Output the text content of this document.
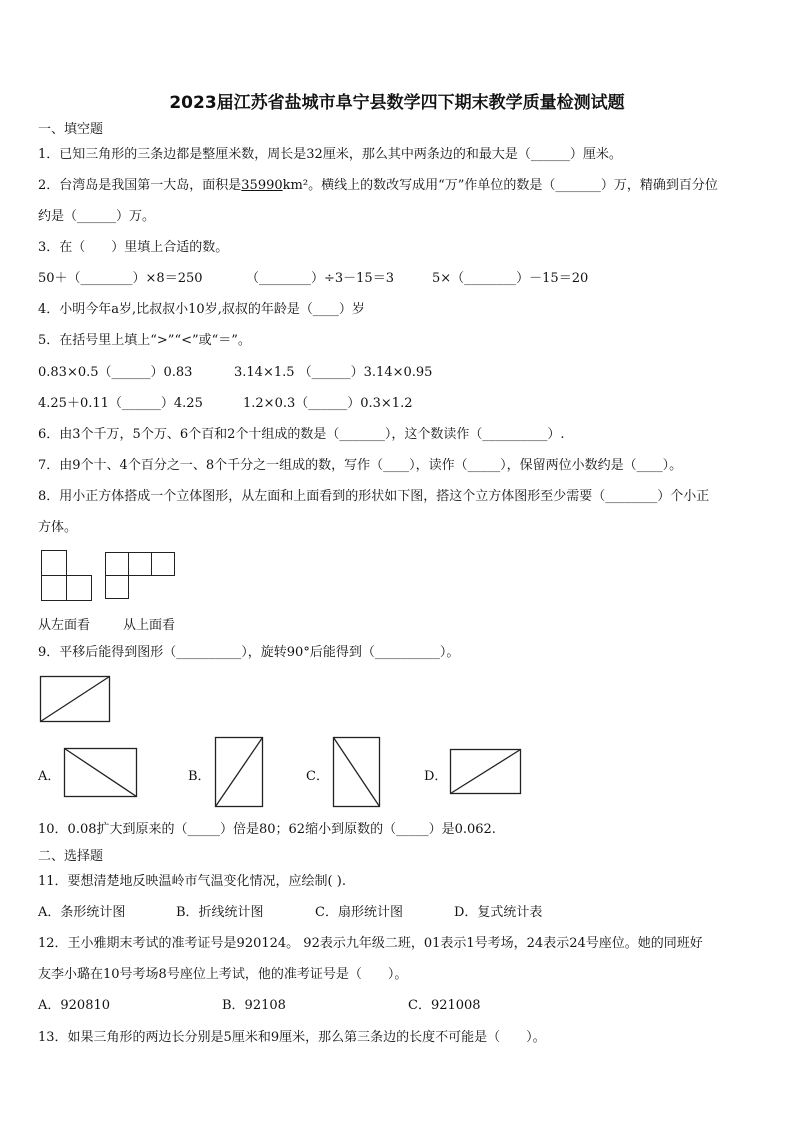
2023届江苏省盐城市阜宁县数学四下期末教学质量检测试题
一、填空题
1．已知三角形的三条边都是整厘米数，周长是32厘米，那么其中两条边的和最大是（______）厘米。
2．台湾岛是我国第一大岛，面积是35990km²。横线上的数改写成用“万”作单位的数是（_______）万，精确到百分位
约是（______）万。
3．在（　　）里填上合适的数。
50＋（________）×8＝250	（________）÷3－15＝3	5×（________）－15＝20
4．小明今年a岁,比叔叔小10岁,叔叔的年龄是（____）岁
5．在括号里上填上“>”“<”或“＝”。
0.83×0.5（______）0.83	3.14×1.5 （______）3.14×0.95
4.25＋0.11（______）4.25	1.2×0.3（______）0.3×1.2
6．由3个千万，5个万、6个百和2个十组成的数是（_______），这个数读作（__________）.
7．由9个十、4个百分之一、8个千分之一组成的数，写作（____），读作（_____），保留两位小数约是（____）。
8．用小正方体搭成一个立体图形，从左面和上面看到的形状如下图，搭这个立方体图形至少需要（________）个小正
方体。
从左面看	从上面看
9．平移后能得到图形（__________），旋转90°后能得到（__________）。
A．	B．	C．	D．
10．0.08扩大到原来的（_____）倍是80；62缩小到原数的（_____）是0.062.
二、选择题
11．要想清楚地反映温岭市气温变化情况，应绘制( ).
A．条形统计图	B．折线统计图	C．扇形统计图	D．复式统计表
12．王小雅期末考试的准考证号是920124。 92表示九年级二班，01表示1号考场，24表示24号座位。她的同班好
友李小璐在10号考场8号座位上考试，他的准考证号是（　　）。
A．920810	B．92108	C．921008
13．如果三角形的两边长分别是5厘米和9厘米，那么第三条边的长度不可能是（　　）。
